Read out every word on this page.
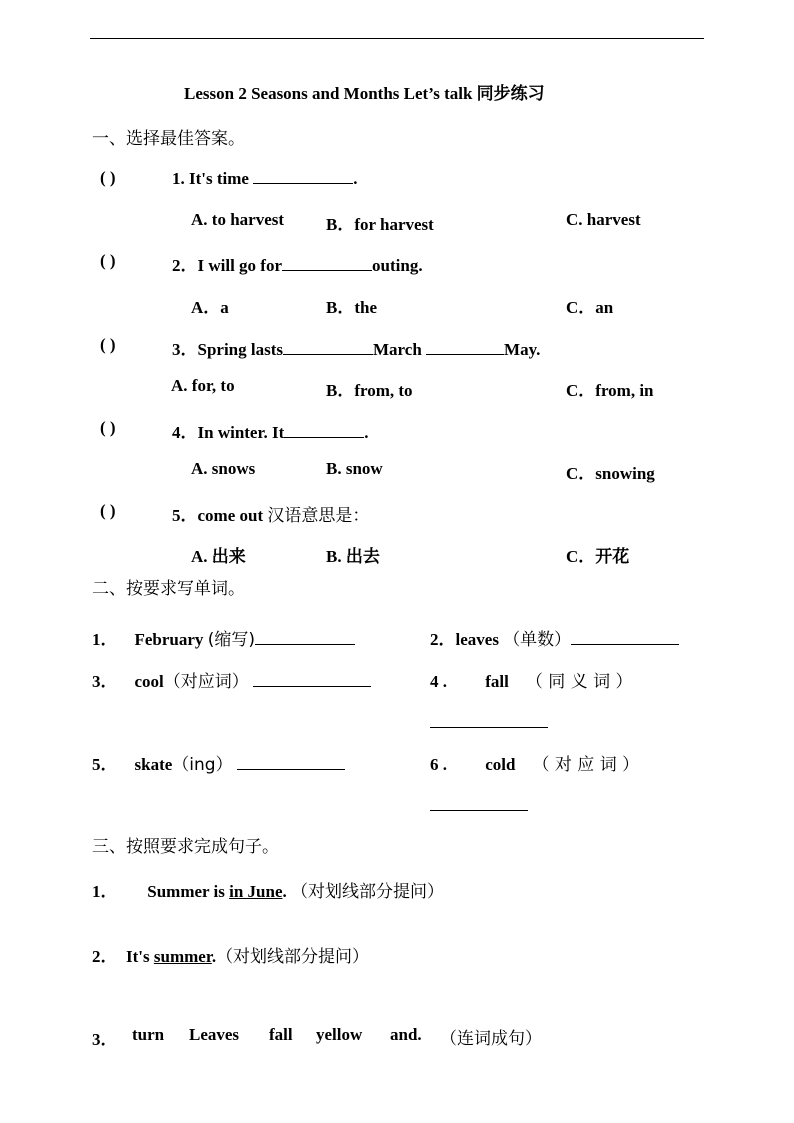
Lesson 2 Seasons and Months Let’s talk 同步练习
一、选择最佳答案。
( )	1. It's time	.
A. to harvest B．for harvest	C. harvest
( )	2．I will go for	outing.
A．a	B．the	C．an
( )	3．Spring lasts	March	May.
A. for, to	B．from, to	C．from, in
( )	4．In winter. It	.
A. snows	B. snow	C．snowing
( )	5．come out 汉语意思是：
A. 出来	B. 出去	C．开花
二、按要求写单词。
1． February (缩写)	2．leaves （单数）
3． cool（对应词）	4 . fall （ 同 义 词 ）
5． skate（ing）	6 . cold （ 对 应 词 ）
三、按照要求完成句子。
1． Summer is in June. （对划线部分提问）
2． It's summer.（对划线部分提问）
3． turn Leaves fall yellow and. （连词成句）
